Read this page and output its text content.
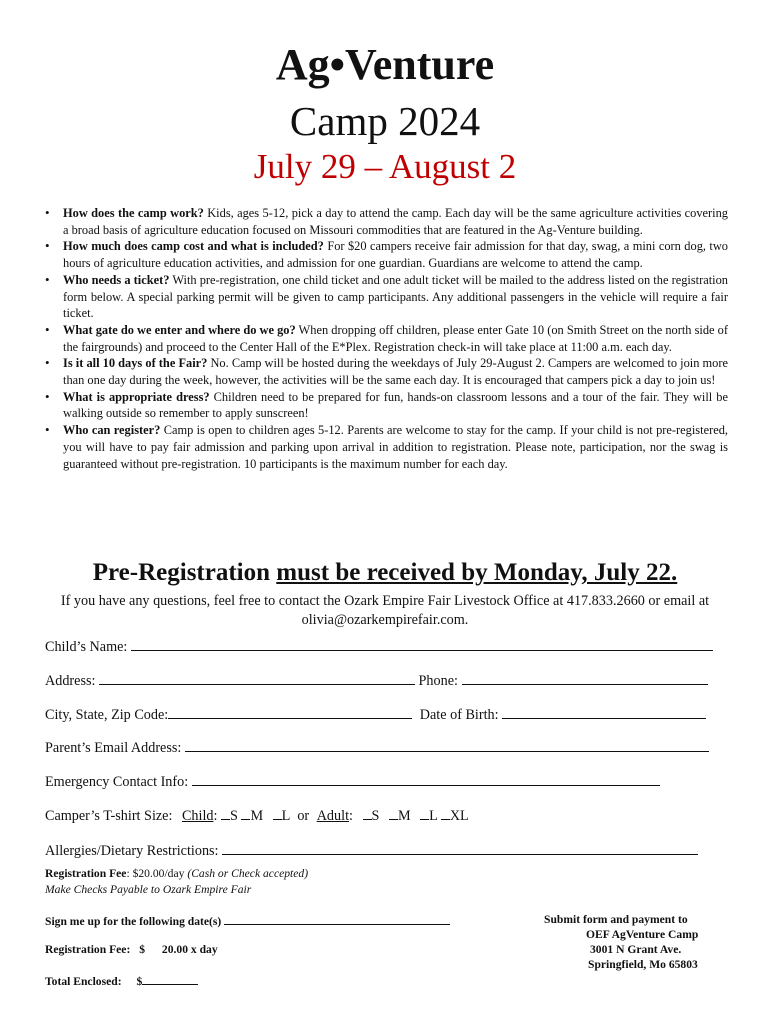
Ag•Venture
Camp 2024
July 29 – August 2
• How does the camp work? Kids, ages 5-12, pick a day to attend the camp. Each day will be the same agriculture activities covering a broad basis of agriculture education focused on Missouri commodities that are featured in the Ag-Venture building.
• How much does camp cost and what is included? For $20 campers receive fair admission for that day, swag, a mini corn dog, two hours of agriculture education activities, and admission for one guardian. Guardians are welcome to attend the camp.
• Who needs a ticket? With pre-registration, one child ticket and one adult ticket will be mailed to the address listed on the registration form below. A special parking permit will be given to camp participants. Any additional passengers in the vehicle will require a fair ticket.
• What gate do we enter and where do we go? When dropping off children, please enter Gate 10 (on Smith Street on the north side of the fairgrounds) and proceed to the Center Hall of the E*Plex. Registration check-in will take place at 11:00 a.m. each day.
• Is it all 10 days of the Fair? No. Camp will be hosted during the weekdays of July 29-August 2. Campers are welcomed to join more than one day during the week, however, the activities will be the same each day. It is encouraged that campers pick a day to join us!
• What is appropriate dress? Children need to be prepared for fun, hands-on classroom lessons and a tour of the fair. They will be walking outside so remember to apply sunscreen!
• Who can register? Camp is open to children ages 5-12. Parents are welcome to stay for the camp. If your child is not pre-registered, you will have to pay fair admission and parking upon arrival in addition to registration. Please note, participation, nor the swag is guaranteed without pre-registration. 10 participants is the maximum number for each day.
Pre-Registration must be received by Monday, July 22.
If you have any questions, feel free to contact the Ozark Empire Fair Livestock Office at 417.833.2660 or email at olivia@ozarkempirefair.com.
Child’s Name:
Address:	Phone:
City, State, Zip Code:	Date of Birth:
Parent’s Email Address:
Emergency Contact Info:
Camper’s T-shirt Size: Child: S M L or Adult: S M L XL
Allergies/Dietary Restrictions:
Registration Fee: $20.00/day (Cash or Check accepted)
Make Checks Payable to Ozark Empire Fair
Sign me up for the following date(s)
Registration Fee: $ 20.00 x day
Total Enclosed: $
Submit form and payment to
OEF AgVenture Camp
3001 N Grant Ave.
Springfield, Mo 65803
